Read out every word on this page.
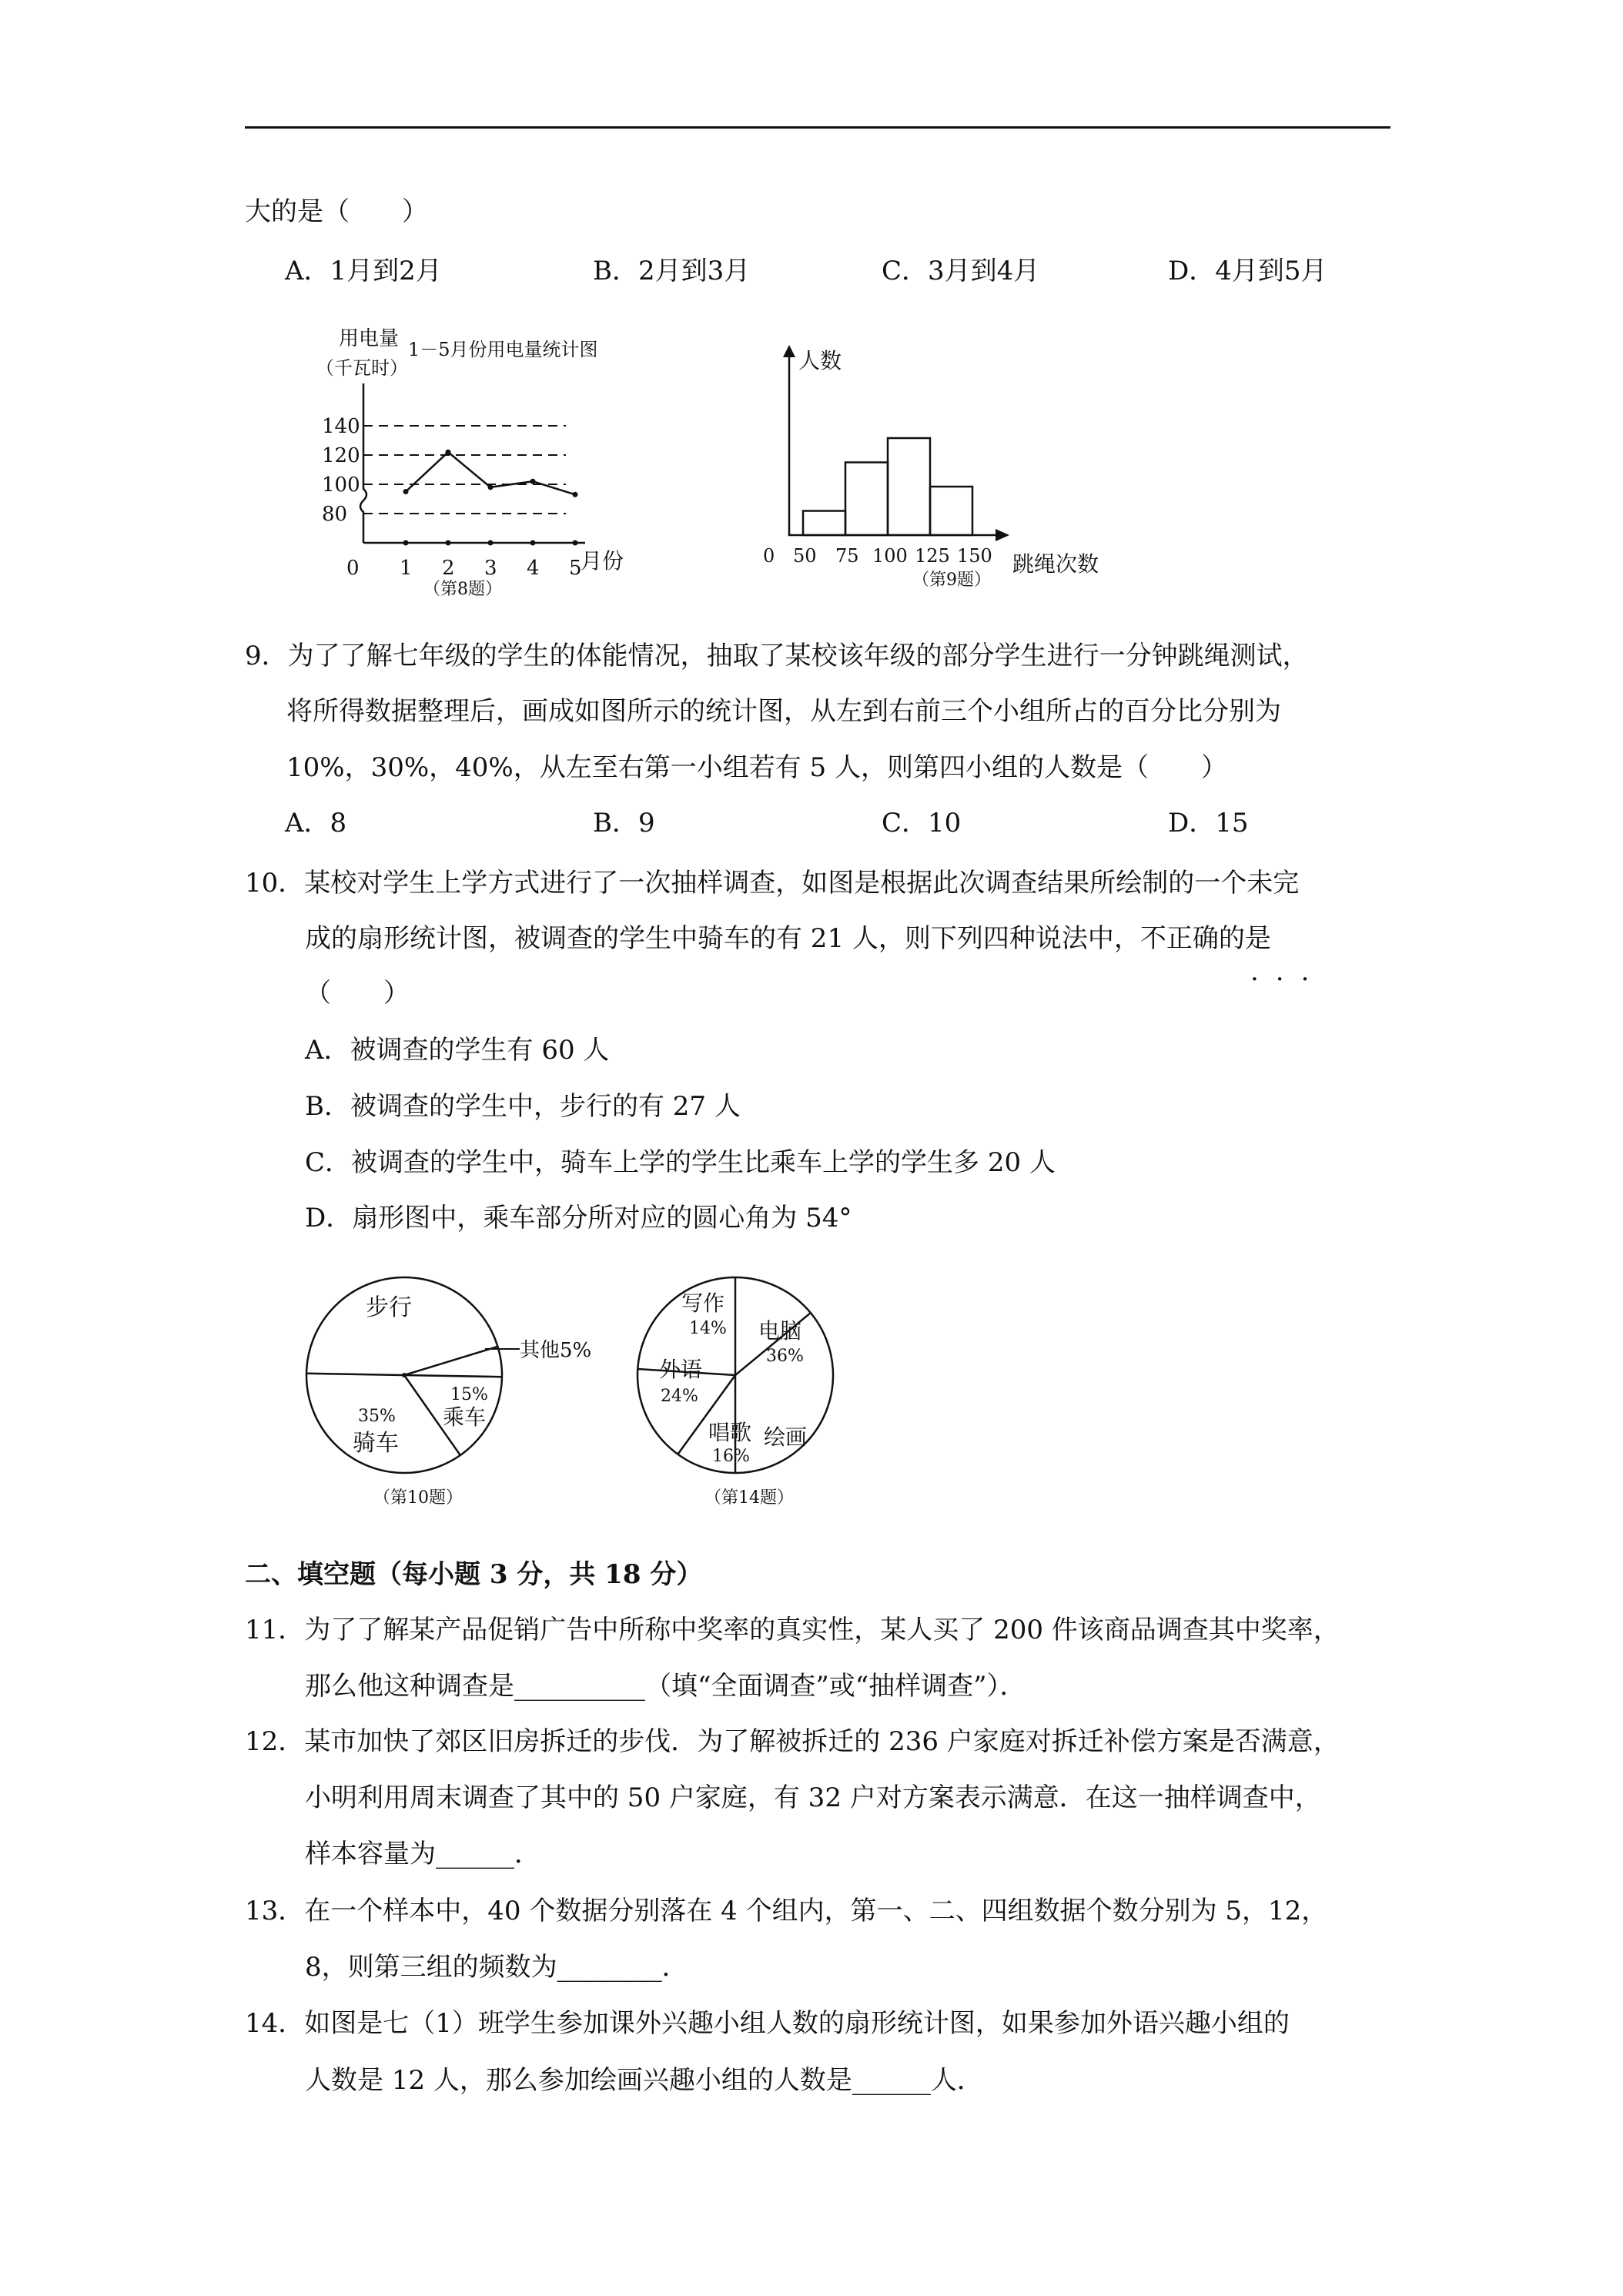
大的是（　　）
A．1月到2月	B．2月到3月	C．3月到4月	D．4月到5月
用电量 1－5月份用电量统计图
（千瓦时）
80
100
120
140
1 2 3 4 5
月份
0
（第8题）
人数
0 50 75 100 125 150 跳绳次数
（第9题）
9．为了了解七年级的学生的体能情况，抽取了某校该年级的部分学生进行一分钟跳绳测试，
将所得数据整理后，画成如图所示的统计图，从左到右前三个小组所占的百分比分别为
10%，30%，40%，从左至右第一小组若有 5 人，则第四小组的人数是（　　）
A．8	B．9	C．10	D．15
10．某校对学生上学方式进行了一次抽样调查，如图是根据此次调查结果所绘制的一个未完
成的扇形统计图，被调查的学生中骑车的有 21 人，则下列四种说法中，不正确的是
···
（　　）
A．被调查的学生有 60 人
B．被调查的学生中，步行的有 27 人
C．被调查的学生中，骑车上学的学生比乘车上学的学生多 20 人
D．扇形图中，乘车部分所对应的圆心角为 54°
步行
其他5%
15%
乘车
35%
骑车
（第10题）
写作
14% 电脑
36%
外语
24%
唱歌
16%
绘画
（第14题）
二、填空题（每小题 3 分，共 18 分）
11．为了了解某产品促销广告中所称中奖率的真实性，某人买了 200 件该商品调查其中奖率，
那么他这种调查是__________（填“全面调查”或“抽样调查”）．
12．某市加快了郊区旧房拆迁的步伐．为了解被拆迁的 236 户家庭对拆迁补偿方案是否满意，
小明利用周末调查了其中的 50 户家庭，有 32 户对方案表示满意．在这一抽样调查中，
样本容量为______．
13．在一个样本中，40 个数据分别落在 4 个组内，第一、二、四组数据个数分别为 5，12，
8，则第三组的频数为________．
14．如图是七（1）班学生参加课外兴趣小组人数的扇形统计图，如果参加外语兴趣小组的
人数是 12 人，那么参加绘画兴趣小组的人数是______人．
